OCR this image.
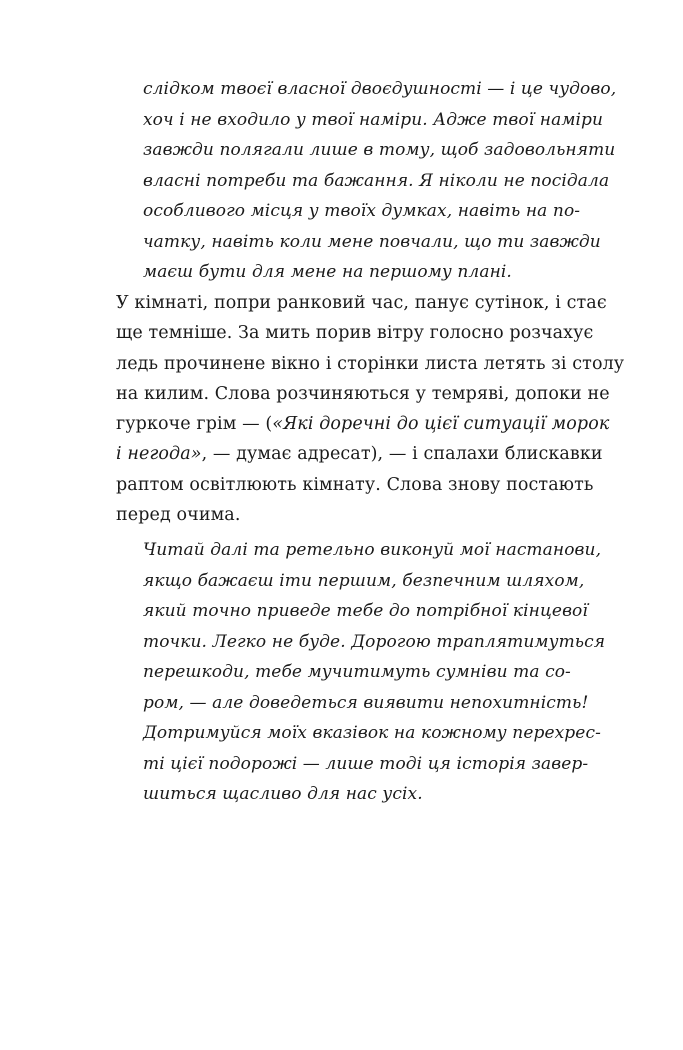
слідком твоєї власної двоєдушності — і це чудово,
хоч і не входило у твої наміри. Адже твої наміри
завжди полягали лише в тому, щоб задовольняти
власні потреби та бажання. Я ніколи не посідала
особливого місця у твоїх думках, навіть на по-
чатку, навіть коли мене повчали, що ти завжди
маєш бути для мене на першому плані.
У кімнаті, попри ранковий час, панує сутінок, і стає
ще темніше. За мить порив вітру голосно розчахує
ледь прочинене вікно і сторінки листа летять зі столу
на килим. Слова розчиняються у темряві, допоки не
гуркоче грім — («Які доречні до цієї ситуації морок
і негода», — думає адресат), — і спалахи блискавки
раптом освітлюють кімнату. Слова знову постають
перед очима.
Читай далі та ретельно виконуй мої настанови,
якщо бажаєш іти першим, безпечним шляхом,
який точно приведе тебе до потрібної кінцевої
точки. Легко не буде. Дорогою траплятимуться
перешкоди, тебе мучитимуть сумніви та со-
ром, — але доведеться виявити непохитність!
Дотримуйся моїх вказівок на кожному перехрес-
ті цієї подорожі — лише тоді ця історія завер-
шиться щасливо для нас усіх.
